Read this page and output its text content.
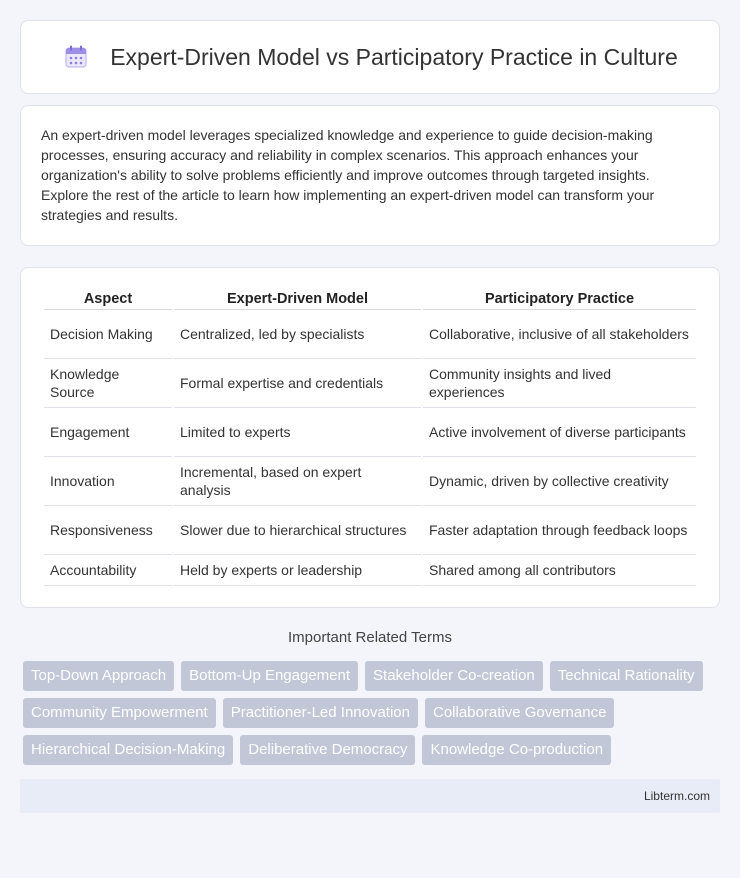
Expert-Driven Model vs Participatory Practice in Culture

An expert-driven model leverages specialized knowledge and experience to guide decision-making processes, ensuring accuracy and reliability in complex scenarios. This approach enhances your organization's ability to solve problems efficiently and improve outcomes through targeted insights. Explore the rest of the article to learn how implementing an expert-driven model can transform your strategies and results.

Aspect	Expert-Driven Model	Participatory Practice
Decision Making	Centralized, led by specialists	Collaborative, inclusive of all stakeholders
Knowledge Source	Formal expertise and credentials	Community insights and lived experiences
Engagement	Limited to experts	Active involvement of diverse participants
Innovation	Incremental, based on expert analysis	Dynamic, driven by collective creativity
Responsiveness	Slower due to hierarchical structures	Faster adaptation through feedback loops
Accountability	Held by experts or leadership	Shared among all contributors
Important Related Terms
Top-Down Approach	Bottom-Up Engagement	Stakeholder Co-creation	Technical Rationality
Community Empowerment	Practitioner-Led Innovation	Collaborative Governance
Hierarchical Decision-Making	Deliberative Democracy	Knowledge Co-production
Libterm.com
